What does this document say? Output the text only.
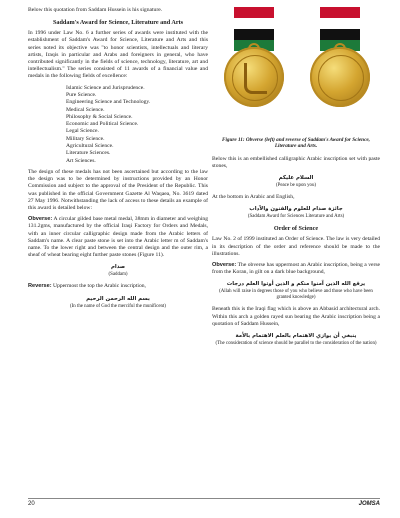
Below this quotation from Saddam Hussein is his signature.

Saddam's Award for Science, Literature and Arts

In 1996 under Law No. 6 a further series of awards were instituted with the establishment of Saddam's Award for Science, Literature and Arts and this series noted its objective was "to honor scientists, intellectuals and literary artists, Iraqis in particular and Arabs and foreigners in general, who have contributed significantly in the fields of science, technology, literature, art and intellectualism." The series consisted of 11 awards of a financial value and medals in the following fields of excellence:

Islamic Science and Jurisprudence.
Pure Science.
Engineering Science and Technology.
Medical Science.
Philosophy & Social Science.
Economic and Political Science.
Legal Science.
Military Science.
Agricultural Science.
Literature Sciences.
Art Sciences.

The design of these medals has not been ascertained but according to the law the design was to be determined by instructions provided by an Honor Commission and subject to the approval of the President of the Republic. This was published in the official Government Gazette Al Waqaea, No. 3619 dated 27 May 1996. Notwithstanding the lack of access to these details an example of this award is detailed below:

Obverse: A circular gilded base metal medal, 38mm in diameter and weighing 131.2gms, manufactured by the official Iraqi Factory for Orders and Medals, with an inner circular calligraphic design made from the Arabic letters of Saddam's name. A clear paste stone is set into the Arabic letter m of Saddam's name. To the lower right and between the central design and the outer rim, a sheaf of wheat bearing eight further paste stones (Figure 11).

صدام
(Saddam)

Reverse: Uppermost the top the Arabic inscription,

بسم الله الرحمن الرحيم
(In the name of God the merciful the munificent)
Figure 11: Obverse (left) and reverse of Saddam's Award for Science, Literature and Arts.

Below this is an embellished calligraphic Arabic inscription set with paste stones,

السلام عليكم
(Peace be upon you)

At the bottom in Arabic and English,

جائزة صدام للعلوم والفنون والآداب
(Saddam Award for Sciences Literature and Arts)
Order of Science

Law No. 2 of 1999 instituted an Order of Science. The law is very detailed in its description of the order and reference should be made to the illustrations.

Obverse: The obverse has uppermost an Arabic inscription, being a verse from the Koran, in gilt on a dark blue background,

يرفع الله الذين آمنوا منكم و الذين أوتوا العلم درجات
(Allah will raise in degrees those of you who believe and those who have been granted knowledge)

Beneath this is the Iraqi flag which is above an Abbasid architectural arch. Within this arch a golden rayed sun bearing the Arabic inscription being a quotation of Saddam Hussein,

ينبغي أن يوازي الاهتمام بالعلم الاهتمام بالأمة
(The consideration of science should be parallel to the consideration of the nation)
20	JOMSA
